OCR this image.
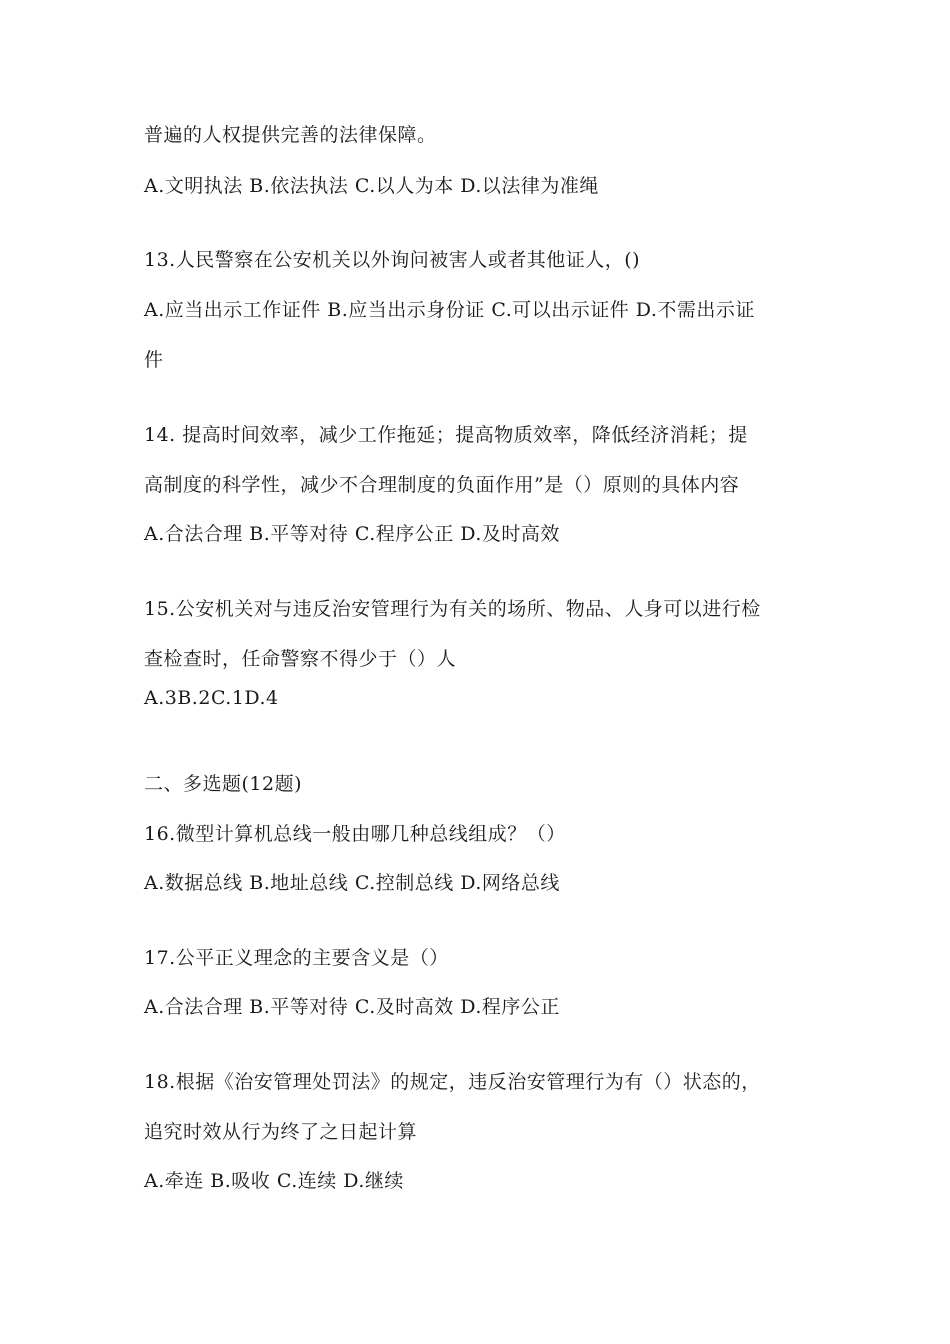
普遍的人权提供完善的法律保障。
A.文明执法 B.依法执法 C.以人为本 D.以法律为准绳
13.人民警察在公安机关以外询问被害人或者其他证人，()
A.应当出示工作证件 B.应当出示身份证 C.可以出示证件 D.不需出示证
件
14. 提高时间效率，减少工作拖延；提高物质效率，降低经济消耗；提
高制度的科学性，减少不合理制度的负面作用”是（）原则的具体内容
A.合法合理 B.平等对待 C.程序公正 D.及时高效
15.公安机关对与违反治安管理行为有关的场所、物品、人身可以进行检
查检查时，任命警察不得少于（）人
A.3B.2C.1D.4
二、多选题(12题)
16.微型计算机总线一般由哪几种总线组成？（）
A.数据总线 B.地址总线 C.控制总线 D.网络总线
17.公平正义理念的主要含义是（）
A.合法合理 B.平等对待 C.及时高效 D.程序公正
18.根据《治安管理处罚法》的规定，违反治安管理行为有（）状态的，
追究时效从行为终了之日起计算
A.牵连 B.吸收 C.连续 D.继续
